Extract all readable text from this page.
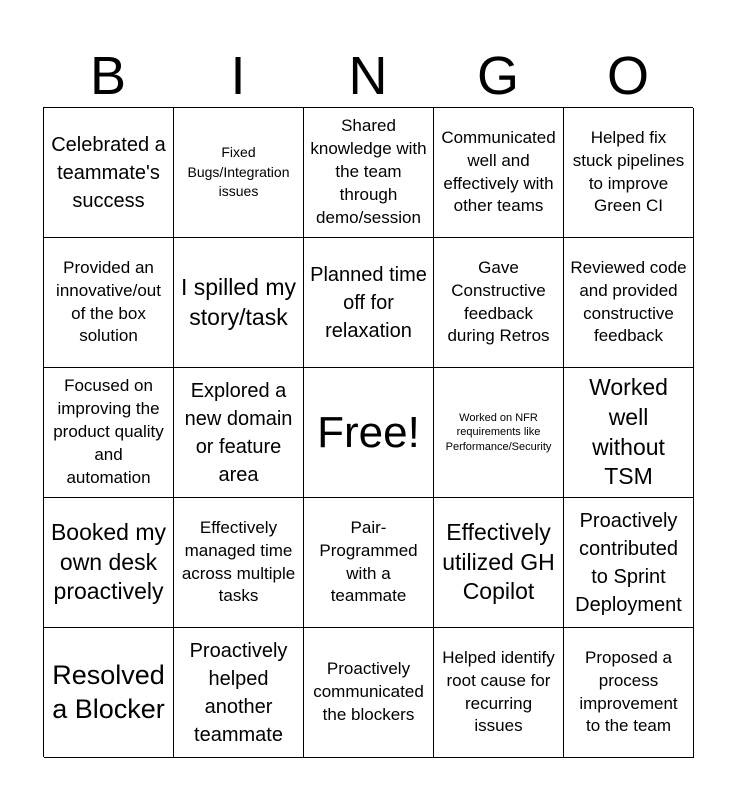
B	I	N	G	O
Celebrated a teammate's success
Fixed Bugs/Integration issues
Shared knowledge with the team through demo/session
Communicated well and effectively with other teams
Helped fix stuck pipelines to improve Green CI
Provided an innovative/out of the box solution
I spilled my story/task
Planned time off for relaxation
Gave Constructive feedback during Retros
Reviewed code and provided constructive feedback
Focused on improving the product quality and automation
Explored a new domain or feature area
Free!	Worked on NFR requirements like Performance/Security
Worked well without TSM
Booked my own desk proactively
Effectively managed time across multiple tasks
Pair-Programmed with a teammate
Effectively utilized GH Copilot
Proactively contributed to Sprint Deployment
Resolved a Blocker
Proactively helped another teammate
Proactively communicated the blockers
Helped identify root cause for recurring issues
Proposed a process improvement to the team
